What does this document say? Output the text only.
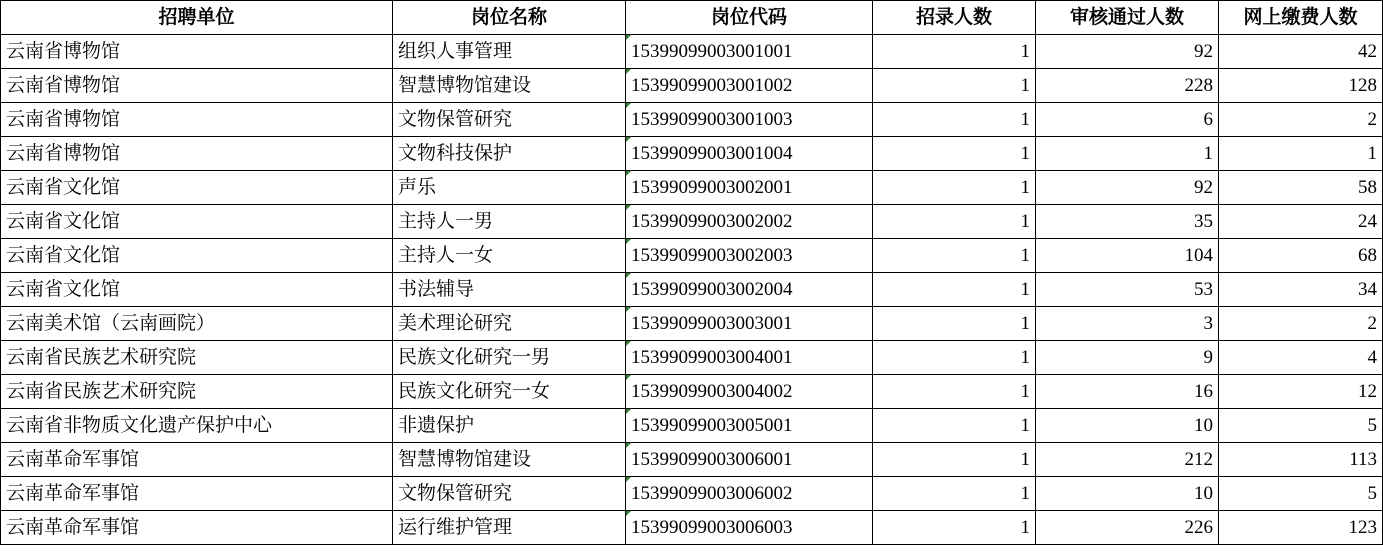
招聘单位	岗位名称	岗位代码	招录人数	审核通过人数	网上缴费人数
云南省博物馆	组织人事管理	15399099003001001	1	92	42
云南省博物馆	智慧博物馆建设	15399099003001002	1	228	128
云南省博物馆	文物保管研究	15399099003001003	1	6	2
云南省博物馆	文物科技保护	15399099003001004	1	1	1
云南省文化馆	声乐	15399099003002001	1	92	58
云南省文化馆	主持人一男	15399099003002002	1	35	24
云南省文化馆	主持人一女	15399099003002003	1	104	68
云南省文化馆	书法辅导	15399099003002004	1	53	34
云南美术馆（云南画院）	美术理论研究	15399099003003001	1	3	2
云南省民族艺术研究院	民族文化研究一男	15399099003004001	1	9	4
云南省民族艺术研究院	民族文化研究一女	15399099003004002	1	16	12
云南省非物质文化遗产保护中心	非遗保护	15399099003005001	1	10	5
云南革命军事馆	智慧博物馆建设	15399099003006001	1	212	113
云南革命军事馆	文物保管研究	15399099003006002	1	10	5
云南革命军事馆	运行维护管理	15399099003006003	1	226	123
